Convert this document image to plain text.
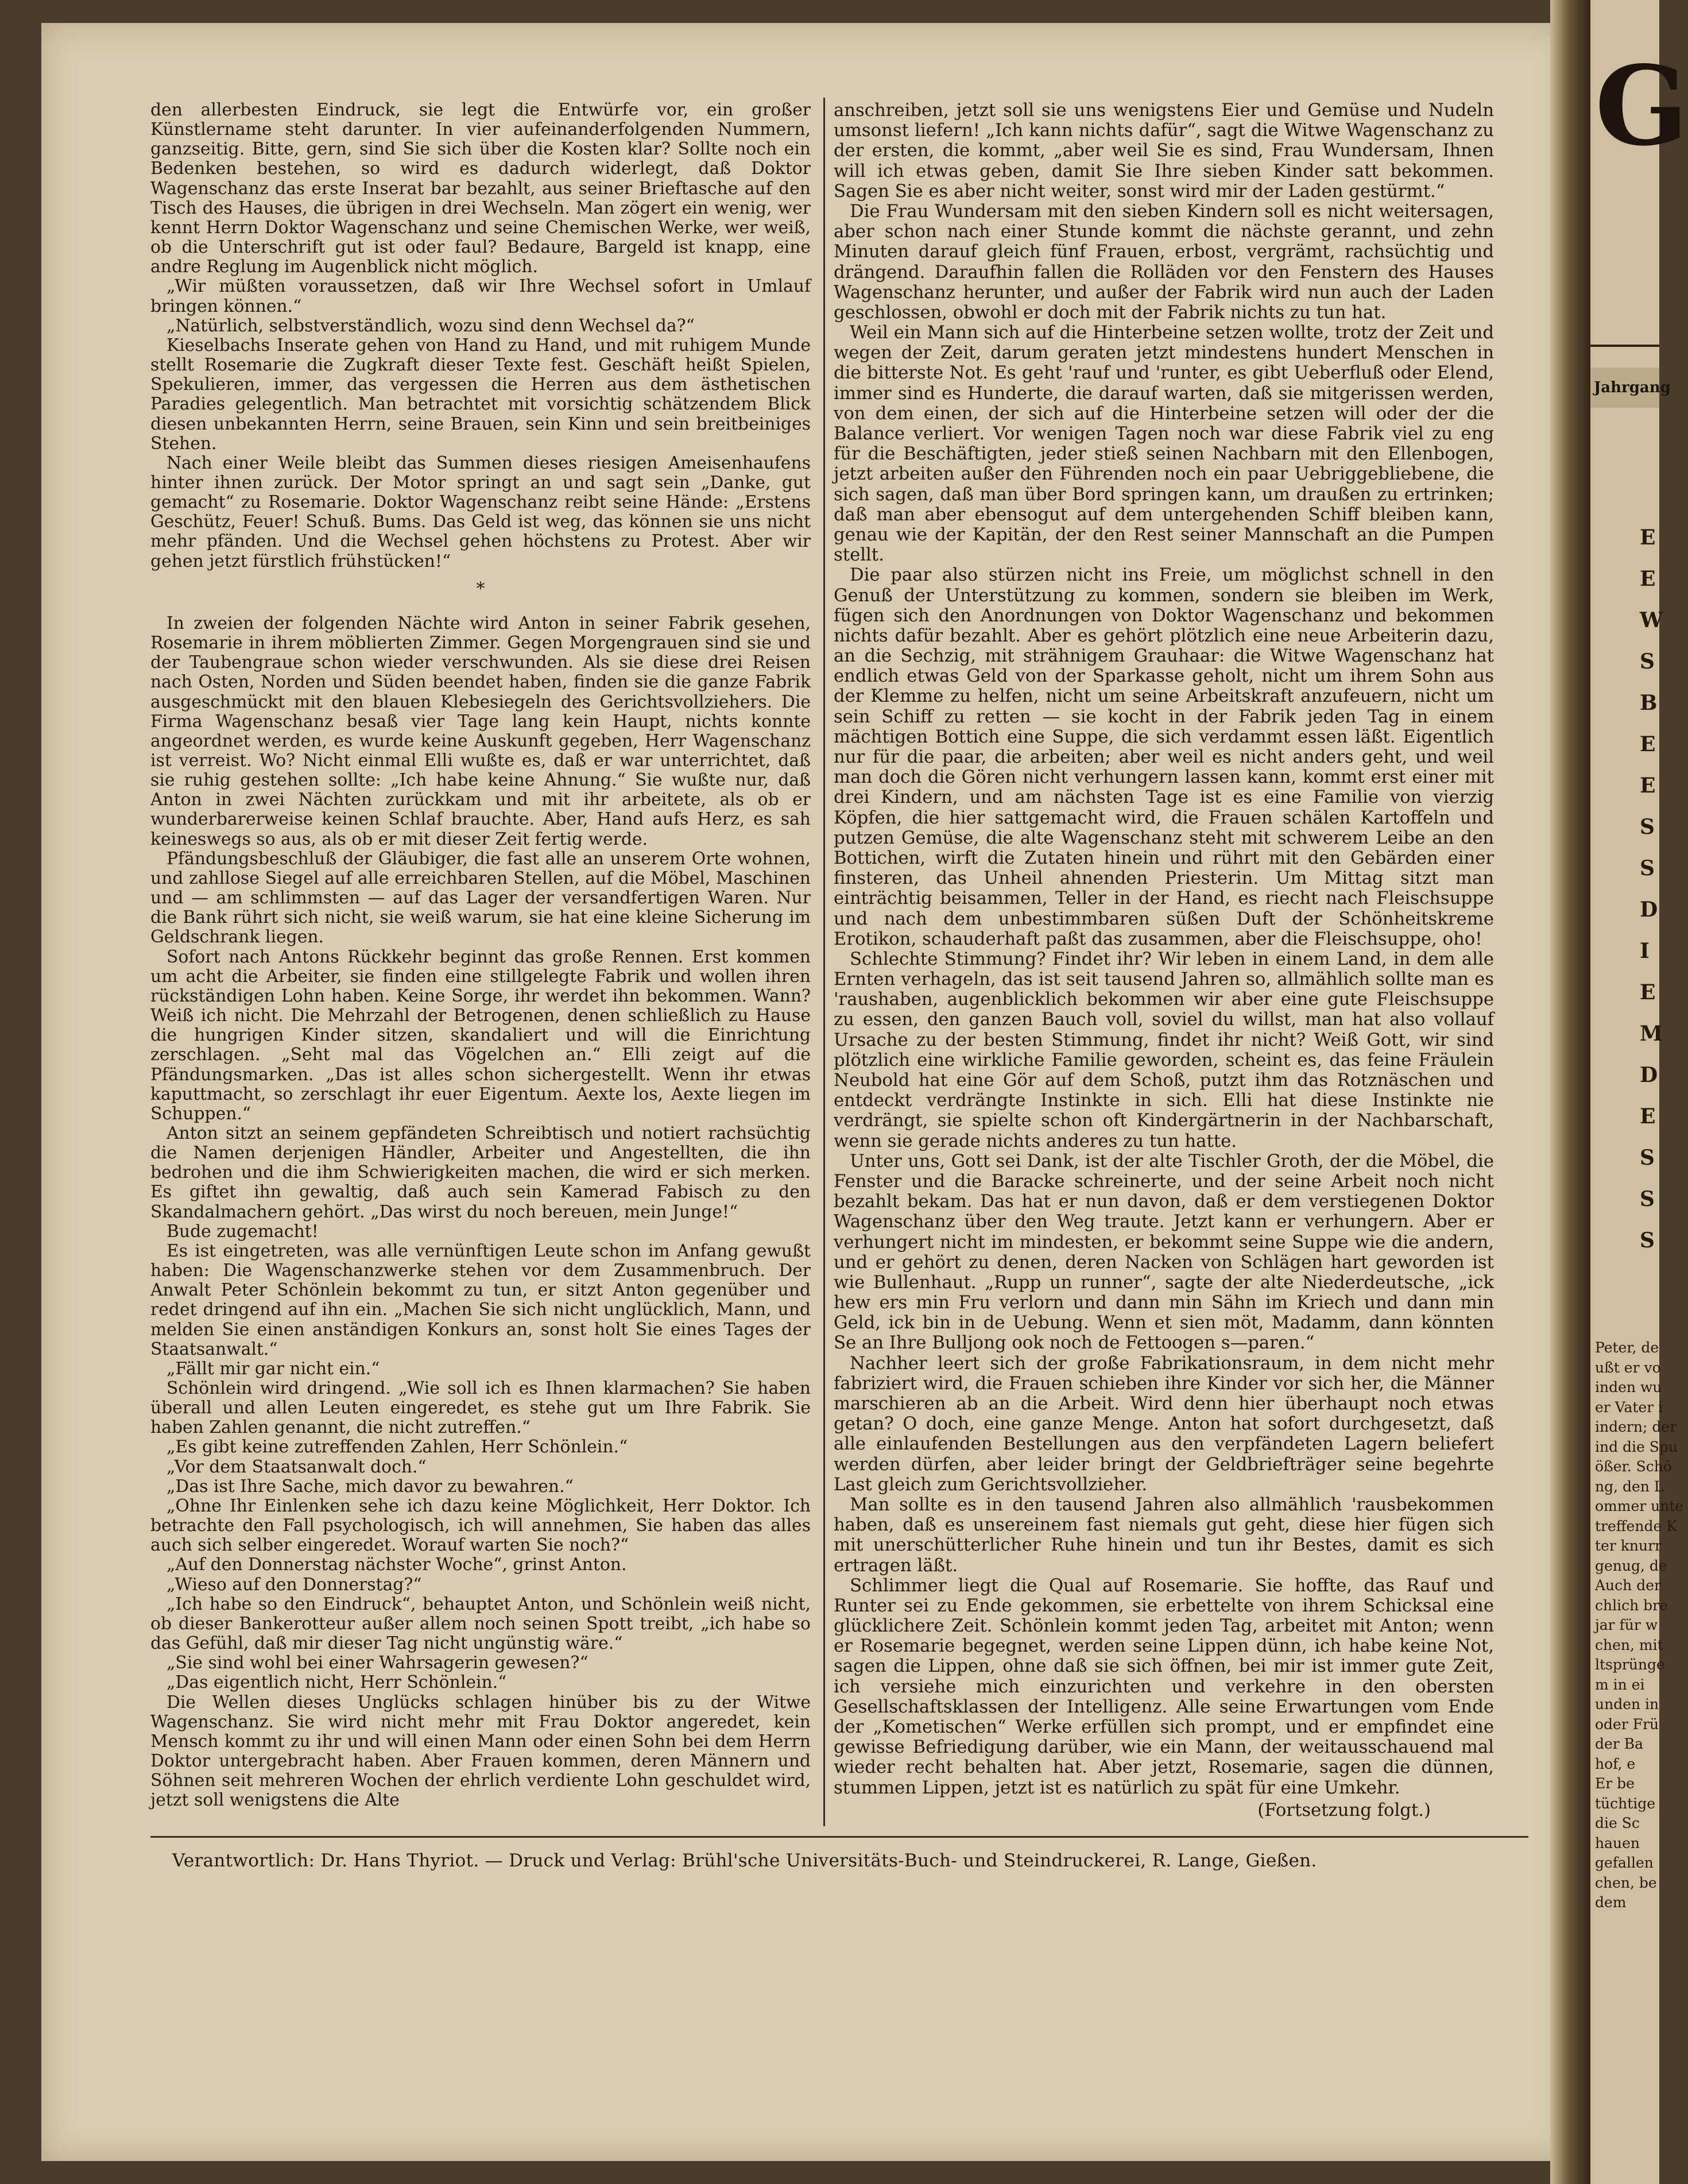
G
Jahrgang
E
E
W
S
B
E
E
S
S
D
I
E
M
D
E
S
S
S
Peter, de
ußt er vo
inden wu
er Vater i
indern; der
ind die Spu
ößer. Schö
ng, den L
ommer unte
treffende K
ter knurr
genug, de
Auch der
chlich bre
jar für w
chen, mit
ltsprünge
m in ei
unden in
oder Frü
der Ba
hof, e
Er be
tüchtige
die Sc
hauen
gefallen
chen, be
dem

den allerbesten Eindruck, sie legt die Entwürfe vor, ein großer Künstlername steht darunter. In vier aufeinanderfolgenden Nummern, ganzseitig. Bitte, gern, sind Sie sich über die Kosten klar? Sollte noch ein Bedenken bestehen, so wird es dadurch widerlegt, daß Doktor Wagenschanz das erste Inserat bar bezahlt, aus seiner Brieftasche auf den Tisch des Hauses, die übrigen in drei Wechseln. Man zögert ein wenig, wer kennt Herrn Doktor Wagenschanz und seine Chemischen Werke, wer weiß, ob die Unterschrift gut ist oder faul? Bedaure, Bargeld ist knapp, eine andre Reglung im Augenblick nicht möglich.

„Wir müßten voraussetzen, daß wir Ihre Wechsel sofort in Umlauf bringen können.“

„Natürlich, selbstverständlich, wozu sind denn Wechsel da?“

Kieselbachs Inserate gehen von Hand zu Hand, und mit ruhigem Munde stellt Rosemarie die Zugkraft dieser Texte fest. Geschäft heißt Spielen, Spekulieren, immer, das vergessen die Herren aus dem ästhetischen Paradies gelegentlich. Man betrachtet mit vorsichtig schätzendem Blick diesen unbekannten Herrn, seine Brauen, sein Kinn und sein breitbeiniges Stehen.

Nach einer Weile bleibt das Summen dieses riesigen Ameisenhaufens hinter ihnen zurück. Der Motor springt an und sagt sein „Danke, gut gemacht“ zu Rosemarie. Doktor Wagenschanz reibt seine Hände: „Erstens Geschütz, Feuer! Schuß. Bums. Das Geld ist weg, das können sie uns nicht mehr pfänden. Und die Wechsel gehen höchstens zu Protest. Aber wir gehen jetzt fürstlich frühstücken!“

*

In zweien der folgenden Nächte wird Anton in seiner Fabrik gesehen, Rosemarie in ihrem möblierten Zimmer. Gegen Morgengrauen sind sie und der Taubengraue schon wieder verschwunden. Als sie diese drei Reisen nach Osten, Norden und Süden beendet haben, finden sie die ganze Fabrik ausgeschmückt mit den blauen Klebesiegeln des Gerichtsvollziehers. Die Firma Wagenschanz besaß vier Tage lang kein Haupt, nichts konnte angeordnet werden, es wurde keine Auskunft gegeben, Herr Wagenschanz ist verreist. Wo? Nicht einmal Elli wußte es, daß er war unterrichtet, daß sie ruhig gestehen sollte: „Ich habe keine Ahnung.“ Sie wußte nur, daß Anton in zwei Nächten zurückkam und mit ihr arbeitete, als ob er wunderbarerweise keinen Schlaf brauchte. Aber, Hand aufs Herz, es sah keineswegs so aus, als ob er mit dieser Zeit fertig werde.

Pfändungsbeschluß der Gläubiger, die fast alle an unserem Orte wohnen, und zahllose Siegel auf alle erreichbaren Stellen, auf die Möbel, Maschinen und — am schlimmsten — auf das Lager der versandfertigen Waren. Nur die Bank rührt sich nicht, sie weiß warum, sie hat eine kleine Sicherung im Geldschrank liegen.

Sofort nach Antons Rückkehr beginnt das große Rennen. Erst kommen um acht die Arbeiter, sie finden eine stillgelegte Fabrik und wollen ihren rückständigen Lohn haben. Keine Sorge, ihr werdet ihn bekommen. Wann? Weiß ich nicht. Die Mehrzahl der Betrogenen, denen schließlich zu Hause die hungrigen Kinder sitzen, skandaliert und will die Einrichtung zerschlagen. „Seht mal das Vögelchen an.“ Elli zeigt auf die Pfändungsmarken. „Das ist alles schon sichergestellt. Wenn ihr etwas kaputtmacht, so zerschlagt ihr euer Eigentum. Aexte los, Aexte liegen im Schuppen.“

Anton sitzt an seinem gepfändeten Schreibtisch und notiert rachsüchtig die Namen derjenigen Händler, Arbeiter und Angestellten, die ihn bedrohen und die ihm Schwierigkeiten machen, die wird er sich merken. Es giftet ihn gewaltig, daß auch sein Kamerad Fabisch zu den Skandalmachern gehört. „Das wirst du noch bereuen, mein Junge!“

Bude zugemacht!

Es ist eingetreten, was alle vernünftigen Leute schon im Anfang gewußt haben: Die Wagenschanzwerke stehen vor dem Zusammenbruch. Der Anwalt Peter Schönlein bekommt zu tun, er sitzt Anton gegenüber und redet dringend auf ihn ein. „Machen Sie sich nicht unglücklich, Mann, und melden Sie einen anständigen Konkurs an, sonst holt Sie eines Tages der Staatsanwalt.“

„Fällt mir gar nicht ein.“

Schönlein wird dringend. „Wie soll ich es Ihnen klarmachen? Sie haben überall und allen Leuten eingeredet, es stehe gut um Ihre Fabrik. Sie haben Zahlen genannt, die nicht zutreffen.“

„Es gibt keine zutreffenden Zahlen, Herr Schönlein.“

„Vor dem Staatsanwalt doch.“

„Das ist Ihre Sache, mich davor zu bewahren.“

„Ohne Ihr Einlenken sehe ich dazu keine Möglichkeit, Herr Doktor. Ich betrachte den Fall psychologisch, ich will annehmen, Sie haben das alles auch sich selber eingeredet. Worauf warten Sie noch?“

„Auf den Donnerstag nächster Woche“, grinst Anton.

„Wieso auf den Donnerstag?“

„Ich habe so den Eindruck“, behauptet Anton, und Schönlein weiß nicht, ob dieser Bankerotteur außer allem noch seinen Spott treibt, „ich habe so das Gefühl, daß mir dieser Tag nicht ungünstig wäre.“

„Sie sind wohl bei einer Wahrsagerin gewesen?“

„Das eigentlich nicht, Herr Schönlein.“

Die Wellen dieses Unglücks schlagen hinüber bis zu der Witwe Wagenschanz. Sie wird nicht mehr mit Frau Doktor angeredet, kein Mensch kommt zu ihr und will einen Mann oder einen Sohn bei dem Herrn Doktor untergebracht haben. Aber Frauen kommen, deren Männern und Söhnen seit mehreren Wochen der ehrlich verdiente Lohn geschuldet wird, jetzt soll wenigstens die Alte

anschreiben, jetzt soll sie uns wenigstens Eier und Gemüse und Nudeln umsonst liefern! „Ich kann nichts dafür“, sagt die Witwe Wagenschanz zu der ersten, die kommt, „aber weil Sie es sind, Frau Wundersam, Ihnen will ich etwas geben, damit Sie Ihre sieben Kinder satt bekommen. Sagen Sie es aber nicht weiter, sonst wird mir der Laden gestürmt.“

Die Frau Wundersam mit den sieben Kindern soll es nicht weitersagen, aber schon nach einer Stunde kommt die nächste gerannt, und zehn Minuten darauf gleich fünf Frauen, erbost, vergrämt, rachsüchtig und drängend. Daraufhin fallen die Rolläden vor den Fenstern des Hauses Wagenschanz herunter, und außer der Fabrik wird nun auch der Laden geschlossen, obwohl er doch mit der Fabrik nichts zu tun hat.

Weil ein Mann sich auf die Hinterbeine setzen wollte, trotz der Zeit und wegen der Zeit, darum geraten jetzt mindestens hundert Menschen in die bitterste Not. Es geht 'rauf und 'runter, es gibt Ueberfluß oder Elend, immer sind es Hunderte, die darauf warten, daß sie mitgerissen werden, von dem einen, der sich auf die Hinterbeine setzen will oder der die Balance verliert. Vor wenigen Tagen noch war diese Fabrik viel zu eng für die Beschäftigten, jeder stieß seinen Nachbarn mit den Ellenbogen, jetzt arbeiten außer den Führenden noch ein paar Uebriggebliebene, die sich sagen, daß man über Bord springen kann, um draußen zu ertrinken; daß man aber ebensogut auf dem untergehenden Schiff bleiben kann, genau wie der Kapitän, der den Rest seiner Mannschaft an die Pumpen stellt.

Die paar also stürzen nicht ins Freie, um möglichst schnell in den Genuß der Unterstützung zu kommen, sondern sie bleiben im Werk, fügen sich den Anordnungen von Doktor Wagenschanz und bekommen nichts dafür bezahlt. Aber es gehört plötzlich eine neue Arbeiterin dazu, an die Sechzig, mit strähnigem Grauhaar: die Witwe Wagenschanz hat endlich etwas Geld von der Sparkasse geholt, nicht um ihrem Sohn aus der Klemme zu helfen, nicht um seine Arbeitskraft anzufeuern, nicht um sein Schiff zu retten — sie kocht in der Fabrik jeden Tag in einem mächtigen Bottich eine Suppe, die sich verdammt essen läßt. Eigentlich nur für die paar, die arbeiten; aber weil es nicht anders geht, und weil man doch die Gören nicht verhungern lassen kann, kommt erst einer mit drei Kindern, und am nächsten Tage ist es eine Familie von vierzig Köpfen, die hier sattgemacht wird, die Frauen schälen Kartoffeln und putzen Gemüse, die alte Wagenschanz steht mit schwerem Leibe an den Bottichen, wirft die Zutaten hinein und rührt mit den Gebärden einer finsteren, das Unheil ahnenden Priesterin. Um Mittag sitzt man einträchtig beisammen, Teller in der Hand, es riecht nach Fleischsuppe und nach dem unbestimmbaren süßen Duft der Schönheitskreme Erotikon, schauderhaft paßt das zusammen, aber die Fleischsuppe, oho!

Schlechte Stimmung? Findet ihr? Wir leben in einem Land, in dem alle Ernten verhageln, das ist seit tausend Jahren so, allmählich sollte man es 'raushaben, augenblicklich bekommen wir aber eine gute Fleischsuppe zu essen, den ganzen Bauch voll, soviel du willst, man hat also vollauf Ursache zu der besten Stimmung, findet ihr nicht? Weiß Gott, wir sind plötzlich eine wirkliche Familie geworden, scheint es, das feine Fräulein Neubold hat eine Gör auf dem Schoß, putzt ihm das Rotznäschen und entdeckt verdrängte Instinkte in sich. Elli hat diese Instinkte nie verdrängt, sie spielte schon oft Kindergärtnerin in der Nachbarschaft, wenn sie gerade nichts anderes zu tun hatte.

Unter uns, Gott sei Dank, ist der alte Tischler Groth, der die Möbel, die Fenster und die Baracke schreinerte, und der seine Arbeit noch nicht bezahlt bekam. Das hat er nun davon, daß er dem verstiegenen Doktor Wagenschanz über den Weg traute. Jetzt kann er verhungern. Aber er verhungert nicht im mindesten, er bekommt seine Suppe wie die andern, und er gehört zu denen, deren Nacken von Schlägen hart geworden ist wie Bullenhaut. „Rupp un runner“, sagte der alte Niederdeutsche, „ick hew ers min Fru verlorn und dann min Sähn im Kriech und dann min Geld, ick bin in de Uebung. Wenn et sien möt, Madamm, dann könnten Se an Ihre Bulljong ook noch de Fettoogen s—paren.“

Nachher leert sich der große Fabrikationsraum, in dem nicht mehr fabriziert wird, die Frauen schieben ihre Kinder vor sich her, die Männer marschieren ab an die Arbeit. Wird denn hier überhaupt noch etwas getan? O doch, eine ganze Menge. Anton hat sofort durchgesetzt, daß alle einlaufenden Bestellungen aus den verpfändeten Lagern beliefert werden dürfen, aber leider bringt der Geldbriefträger seine begehrte Last gleich zum Gerichtsvollzieher.

Man sollte es in den tausend Jahren also allmählich 'rausbekommen haben, daß es unsereinem fast niemals gut geht, diese hier fügen sich mit unerschütterlicher Ruhe hinein und tun ihr Bestes, damit es sich ertragen läßt.

Schlimmer liegt die Qual auf Rosemarie. Sie hoffte, das Rauf und Runter sei zu Ende gekommen, sie erbettelte von ihrem Schicksal eine glücklichere Zeit. Schönlein kommt jeden Tag, arbeitet mit Anton; wenn er Rosemarie begegnet, werden seine Lippen dünn, ich habe keine Not, sagen die Lippen, ohne daß sie sich öffnen, bei mir ist immer gute Zeit, ich versiehe mich einzurichten und verkehre in den obersten Gesellschaftsklassen der Intelligenz. Alle seine Erwartungen vom Ende der „Kometischen“ Werke erfüllen sich prompt, und er empfindet eine gewisse Befriedigung darüber, wie ein Mann, der weitausschauend mal wieder recht behalten hat. Aber jetzt, Rosemarie, sagen die dünnen, stummen Lippen, jetzt ist es natürlich zu spät für eine Umkehr.

(Fortsetzung folgt.)

Verantwortlich: Dr. Hans Thyriot. — Druck und Verlag: Brühl'sche Universitäts-Buch- und Steindruckerei, R. Lange, Gießen.
